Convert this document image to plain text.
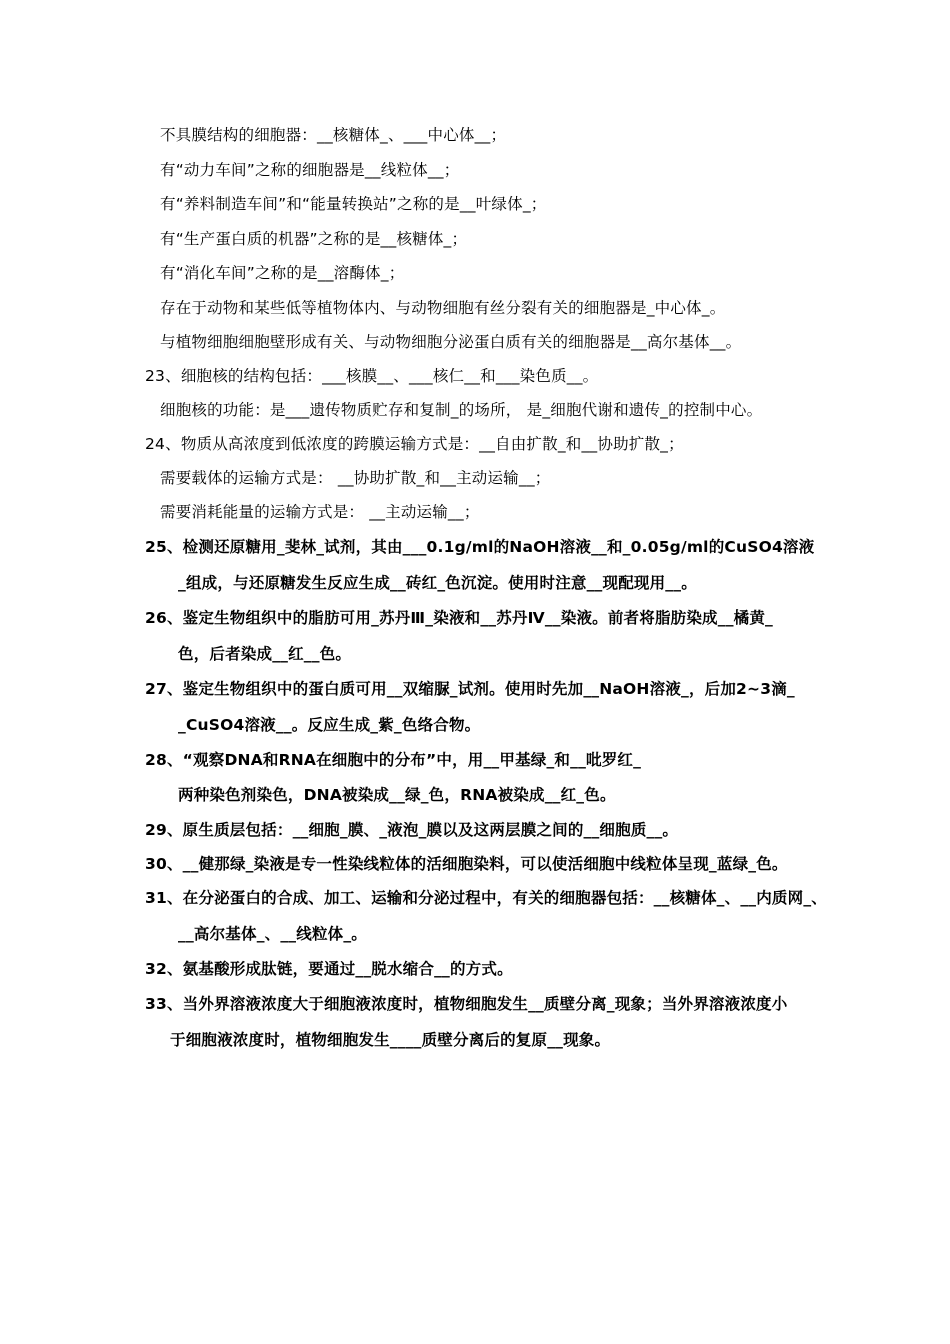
不具膜结构的细胞器：__核糖体_、___中心体__；
有“动力车间”之称的细胞器是__线粒体__；
有“养料制造车间”和“能量转换站”之称的是__叶绿体_；
有“生产蛋白质的机器”之称的是__核糖体_；
有“消化车间”之称的是__溶酶体_；
存在于动物和某些低等植物体内、与动物细胞有丝分裂有关的细胞器是_中心体_。
与植物细胞细胞壁形成有关、与动物细胞分泌蛋白质有关的细胞器是__高尔基体__。
23、细胞核的结构包括：___核膜__、___核仁__和___染色质__。
细胞核的功能：是___遗传物质贮存和复制_的场所， 是_细胞代谢和遗传_的控制中心。
24、物质从高浓度到低浓度的跨膜运输方式是：__自由扩散_和__协助扩散_；
需要载体的运输方式是： __协助扩散_和__主动运输__；
需要消耗能量的运输方式是： __主动运输__；
25、检测还原糖用_斐林_试剂，其由___0.1g/ml的NaOH溶液__和_0.05g/ml的CuSO4溶液
_组成，与还原糖发生反应生成__砖红_色沉淀。使用时注意__现配现用__。
26、鉴定生物组织中的脂肪可用_苏丹Ⅲ_染液和__苏丹Ⅳ__染液。前者将脂肪染成__橘黄_
色，后者染成__红__色。
27、鉴定生物组织中的蛋白质可用__双缩脲_试剂。使用时先加__NaOH溶液_，后加2~3滴_
_CuSO4溶液__。反应生成_紫_色络合物。
28、“观察DNA和RNA在细胞中的分布”中，用__甲基绿_和__吡罗红_
两种染色剂染色，DNA被染成__绿_色，RNA被染成__红_色。
29、原生质层包括：__细胞_膜、_液泡_膜以及这两层膜之间的__细胞质__。
30、__健那绿_染液是专一性染线粒体的活细胞染料，可以使活细胞中线粒体呈现_蓝绿_色。
31、在分泌蛋白的合成、加工、运输和分泌过程中，有关的细胞器包括：__核糖体_、__内质网_、
__高尔基体_、__线粒体_。
32、氨基酸形成肽链，要通过__脱水缩合__的方式。
33、当外界溶液浓度大于细胞液浓度时，植物细胞发生__质壁分离_现象；当外界溶液浓度小
于细胞液浓度时，植物细胞发生____质壁分离后的复原__现象。
